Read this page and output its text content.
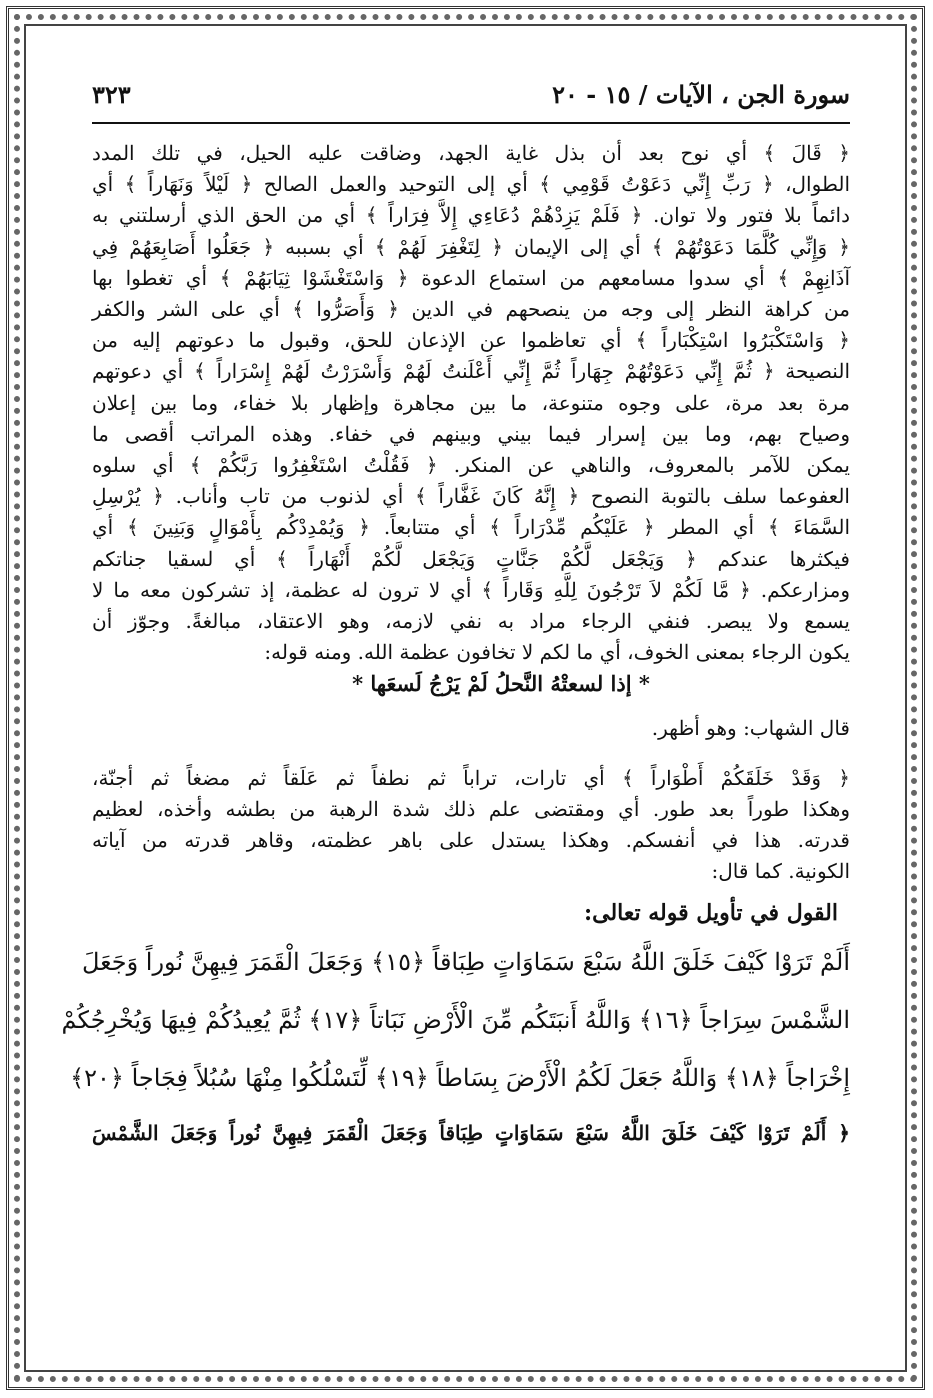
سورة الجن ، الآيات / ١٥ - ٢٠
٣٢٣
﴿ قَالَ ﴾ أي نوح بعد أن بذل غاية الجهد، وضاقت عليه الحيل، في تلك المدد
الطوال، ﴿ رَبِّ إِنِّي دَعَوْتُ قَوْمِي ﴾ أي إلى التوحيد والعمل الصالح ﴿ لَيْلاً وَنَهَاراً ﴾ أي
دائماً بلا فتور ولا توان. ﴿ فَلَمْ يَزِدْهُمْ دُعَاءِي إِلاَّ فِرَاراً ﴾ أي من الحق الذي أرسلتني به
﴿ وَإِنِّي كُلَّمَا دَعَوْتُهُمْ ﴾ أي إلى الإيمان ﴿ لِتَغْفِرَ لَهُمْ ﴾ أي بسببه ﴿ جَعَلُوا أَصَابِعَهُمْ فِي
آذَانِهِمْ ﴾ أي سدوا مسامعهم من استماع الدعوة ﴿ وَاسْتَغْشَوْا ثِيَابَهُمْ ﴾ أي تغطوا بها
من كراهة النظر إلى وجه من ينصحهم في الدين ﴿ وَأَصَرُّوا ﴾ أي على الشر والكفر
﴿ وَاسْتَكْبَرُوا اسْتِكْبَاراً ﴾ أي تعاظموا عن الإذعان للحق، وقبول ما دعوتهم إليه من
النصيحة ﴿ ثُمَّ إِنِّي دَعَوْتُهُمْ جِهَاراً ثُمَّ إِنِّي أَعْلَنتُ لَهُمْ وَأَسْرَرْتُ لَهُمْ إِسْرَاراً ﴾ أي دعوتهم
مرة بعد مرة، على وجوه متنوعة، ما بين مجاهرة وإظهار بلا خفاء، وما بين إعلان
وصياح بهم، وما بين إسرار فيما بيني وبينهم في خفاء. وهذه المراتب أقصى ما
يمكن للآمر بالمعروف، والناهي عن المنكر. ﴿ فَقُلْتُ اسْتَغْفِرُوا رَبَّكُمْ ﴾ أي سلوه
العفوعما سلف بالتوبة النصوح ﴿ إِنَّهُ كَانَ غَفَّاراً ﴾ أي لذنوب من تاب وأناب. ﴿ يُرْسِلِ
السَّمَاءَ ﴾ أي المطر ﴿ عَلَيْكُم مِّدْرَاراً ﴾ أي متتابعاً. ﴿ وَيُمْدِدْكُم بِأَمْوَالٍ وَبَنِينَ ﴾ أي
فيكثرها عندكم ﴿ وَيَجْعَل لَّكُمْ جَنَّاتٍ وَيَجْعَل لَّكُمْ أَنْهَاراً ﴾ أي لسقيا جناتكم
ومزارعكم. ﴿ مَّا لَكُمْ لاَ تَرْجُونَ لِلَّهِ وَقَاراً ﴾ أي لا ترون له عظمة، إذ تشركون معه ما لا
يسمع ولا يبصر. فنفي الرجاء مراد به نفي لازمه، وهو الاعتقاد، مبالغةً. وجوّز أن
يكون الرجاء بمعنى الخوف، أي ما لكم لا تخافون عظمة الله. ومنه قوله:
* إذا لسعتْهُ النَّحلُ لَمْ يَرْجُ لَسعَها *
قال الشهاب: وهو أظهر.
﴿ وَقَدْ خَلَقَكُمْ أَطْوَاراً ﴾ أي تارات، تراباً ثم نطفاً ثم عَلَقاً ثم مضغاً ثم أجنّة،
وهكذا طوراً بعد طور. أي ومقتضى علم ذلك شدة الرهبة من بطشه وأخذه، لعظيم
قدرته. هذا في أنفسكم. وهكذا يستدل على باهر عظمته، وقاهر قدرته من آياته
الكونية. كما قال:
القول في تأويل قوله تعالى:
أَلَمْ تَرَوْا كَيْفَ خَلَقَ اللَّهُ سَبْعَ سَمَاوَاتٍ طِبَاقاً ﴿١٥﴾ وَجَعَلَ الْقَمَرَ فِيهِنَّ نُوراً وَجَعَلَ
الشَّمْسَ سِرَاجاً ﴿١٦﴾ وَاللَّهُ أَنبَتَكُم مِّنَ الْأَرْضِ نَبَاتاً ﴿١٧﴾ ثُمَّ يُعِيدُكُمْ فِيهَا وَيُخْرِجُكُمْ
إِخْرَاجاً ﴿١٨﴾ وَاللَّهُ جَعَلَ لَكُمُ الْأَرْضَ بِسَاطاً ﴿١٩﴾ لِّتَسْلُكُوا مِنْهَا سُبُلاً فِجَاجاً ﴿٢٠﴾
﴿ أَلَمْ تَرَوْا كَيْفَ خَلَقَ اللَّهُ سَبْعَ سَمَاوَاتٍ طِبَاقاً وَجَعَلَ الْقَمَرَ فِيهِنَّ نُوراً وَجَعَلَ الشَّمْسَ
